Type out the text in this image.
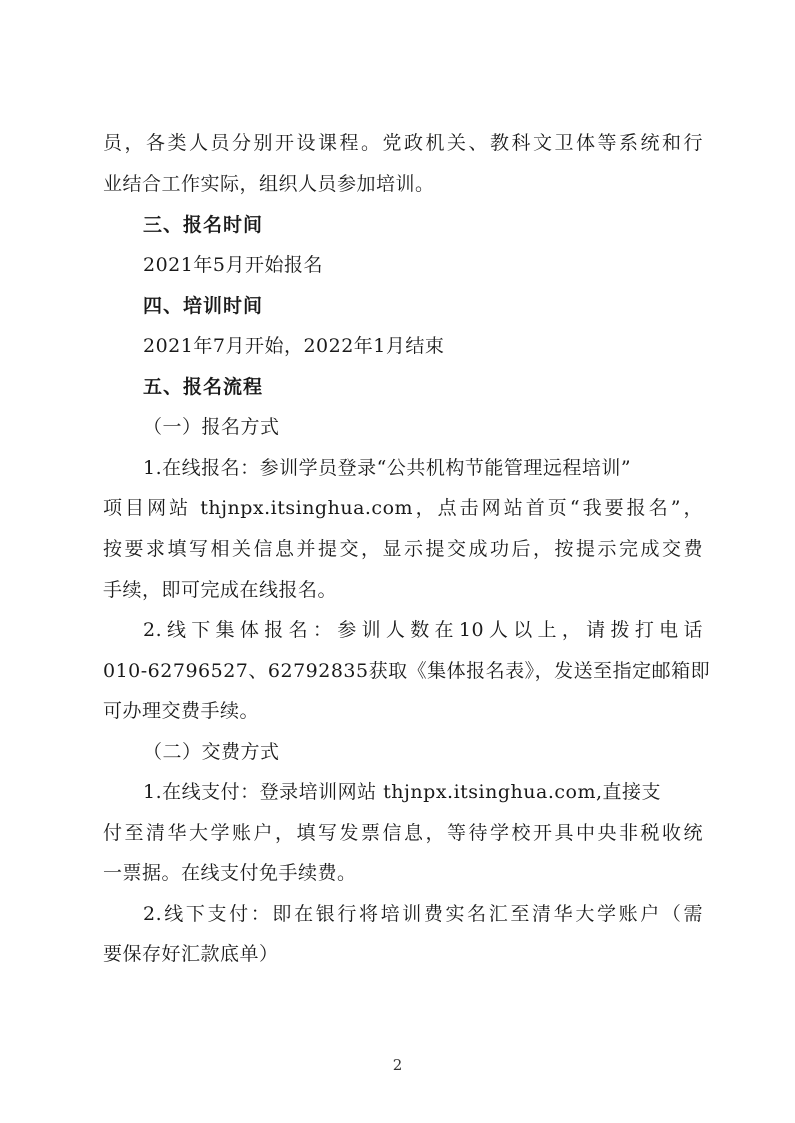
员，各类人员分别开设课程。党政机关、教科文卫体等系统和行
业结合工作实际，组织人员参加培训。
三、报名时间
2021年5月开始报名
四、培训时间
2021年7月开始，2022年1月结束
五、报名流程
（一）报名方式
1.在线报名：参训学员登录“公共机构节能管理远程培训”
项目网站 thjnpx.itsinghua.com，点击网站首页“我要报名”，
按要求填写相关信息并提交，显示提交成功后，按提示完成交费
手续，即可完成在线报名。
2.线下集体报名：参训人数在10人以上，请拨打电话
010-62796527、62792835获取《集体报名表》，发送至指定邮箱即
可办理交费手续。
（二）交费方式
1.在线支付：登录培训网站 thjnpx.itsinghua.com,直接支
付至清华大学账户，填写发票信息，等待学校开具中央非税收统
一票据。在线支付免手续费。
2.线下支付：即在银行将培训费实名汇至清华大学账户（需
要保存好汇款底单）
2
